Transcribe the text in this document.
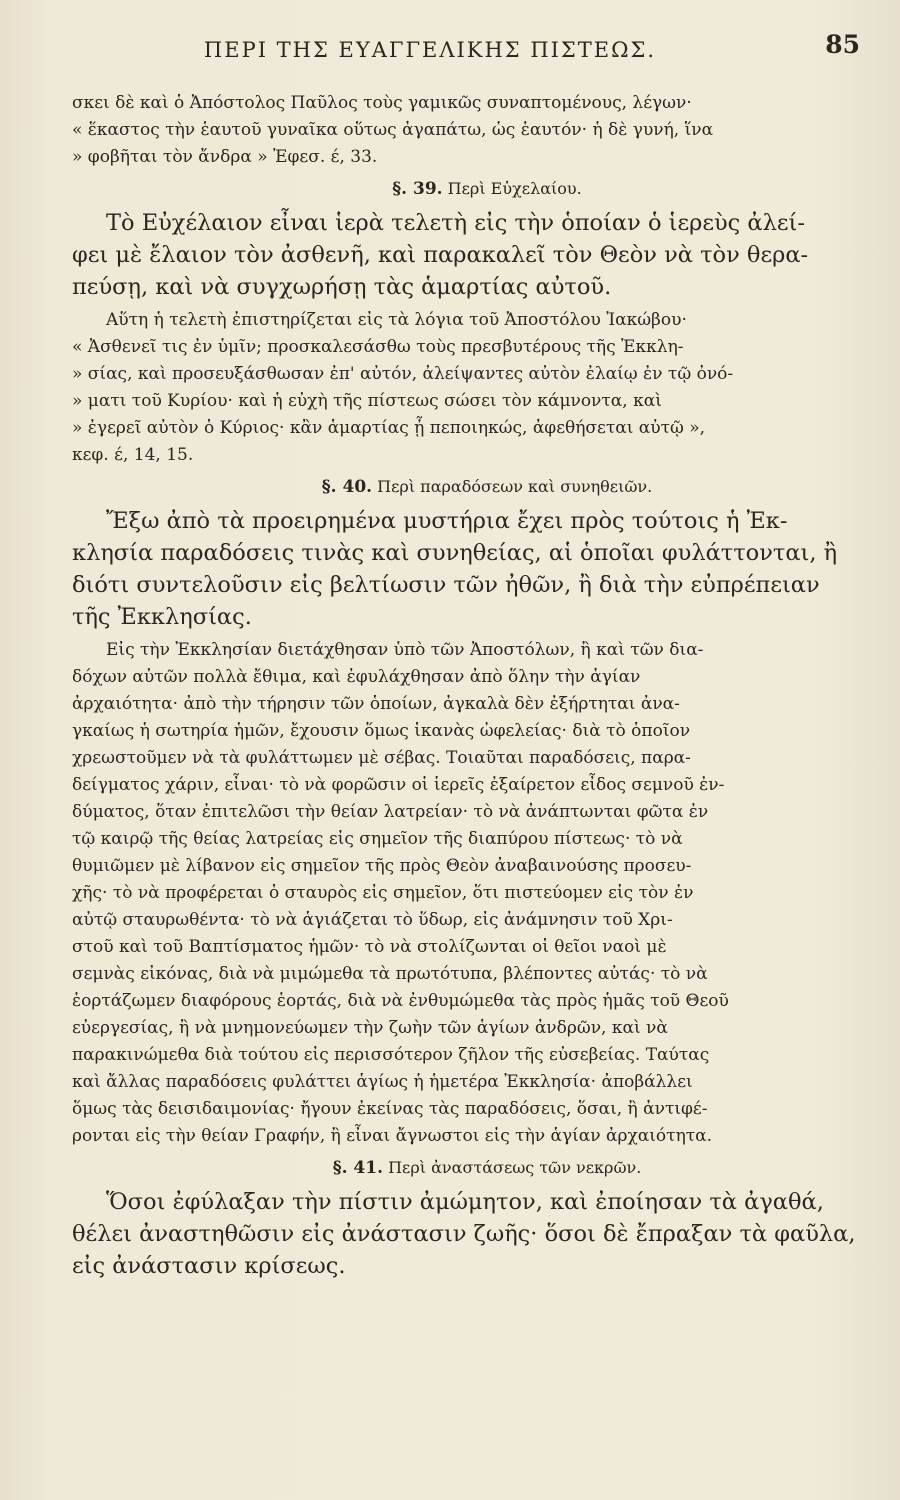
ΠΕΡΙ ΤΗΣ ΕΥΑΓΓΕΛΙΚΗΣ ΠΙΣΤΕΩΣ.	85
σκει δὲ καὶ ὁ Ἀπόστολος Παῦλος τοὺς γαμικῶς συναπτομένους, λέγων·
« ἕκαστος τὴν ἑαυτοῦ γυναῖκα οὕτως ἀγαπάτω, ὡς ἑαυτόν· ἡ δὲ γυνή, ἵνα
» φοβῆται τὸν ἄνδρα » Ἐφεσ. έ, 33.
§. 39. Περὶ Εὐχελαίου.
Τὸ Εὐχέλαιον εἶναι ἱερὰ τελετὴ εἰς τὴν ὁποίαν ὁ ἱερεὺς ἀλεί-
φει μὲ ἔλαιον τὸν ἀσθενῆ, καὶ παρακαλεῖ τὸν Θεὸν νὰ τὸν θερα-
πεύσῃ, καὶ νὰ συγχωρήσῃ τὰς ἁμαρτίας αὐτοῦ.
Αὕτη ἡ τελετὴ ἐπιστηρίζεται εἰς τὰ λόγια τοῦ Ἀποστόλου Ἰακώβου·
« Ἀσθενεῖ τις ἐν ὑμῖν; προσκαλεσάσθω τοὺς πρεσβυτέρους τῆς Ἐκκλη-
» σίας, καὶ προσευξάσθωσαν ἐπ' αὐτόν, ἀλείψαντες αὐτὸν ἐλαίῳ ἐν τῷ ὀνό-
» ματι τοῦ Κυρίου· καὶ ἡ εὐχὴ τῆς πίστεως σώσει τὸν κάμνοντα, καὶ
» ἐγερεῖ αὐτὸν ὁ Κύριος· κἂν ἁμαρτίας ᾖ πεποιηκώς, ἀφεθήσεται αὐτῷ »,
κεφ. έ, 14, 15.
§. 40. Περὶ παραδόσεων καὶ συνηθειῶν.
Ἔξω ἀπὸ τὰ προειρημένα μυστήρια ἔχει πρὸς τούτοις ἡ Ἐκ-
κλησία παραδόσεις τινὰς καὶ συνηθείας, αἱ ὁποῖαι φυλάττονται, ἢ
διότι συντελοῦσιν εἰς βελτίωσιν τῶν ἠθῶν, ἢ διὰ τὴν εὐπρέπειαν
τῆς Ἐκκλησίας.
Εἰς τὴν Ἐκκλησίαν διετάχθησαν ὑπὸ τῶν Ἀποστόλων, ἢ καὶ τῶν δια-
δόχων αὐτῶν πολλὰ ἔθιμα, καὶ ἐφυλάχθησαν ἀπὸ ὅλην τὴν ἁγίαν
ἀρχαιότητα· ἀπὸ τὴν τήρησιν τῶν ὁποίων, ἀγκαλὰ δὲν ἐξήρτηται ἀνα-
γκαίως ἡ σωτηρία ἡμῶν, ἔχουσιν ὅμως ἱκανὰς ὠφελείας· διὰ τὸ ὁποῖον
χρεωστοῦμεν νὰ τὰ φυλάττωμεν μὲ σέβας. Τοιαῦται παραδόσεις, παρα-
δείγματος χάριν, εἶναι· τὸ νὰ φορῶσιν οἱ ἱερεῖς ἐξαίρετον εἶδος σεμνοῦ ἐν-
δύματος, ὅταν ἐπιτελῶσι τὴν θείαν λατρείαν· τὸ νὰ ἀνάπτωνται φῶτα ἐν
τῷ καιρῷ τῆς θείας λατρείας εἰς σημεῖον τῆς διαπύρου πίστεως· τὸ νὰ
θυμιῶμεν μὲ λίβανον εἰς σημεῖον τῆς πρὸς Θεὸν ἀναβαινούσης προσευ-
χῆς· τὸ νὰ προφέρεται ὁ σταυρὸς εἰς σημεῖον, ὅτι πιστεύομεν εἰς τὸν ἐν
αὐτῷ σταυρωθέντα· τὸ νὰ ἁγιάζεται τὸ ὕδωρ, εἰς ἀνάμνησιν τοῦ Χρι-
στοῦ καὶ τοῦ Βαπτίσματος ἡμῶν· τὸ νὰ στολίζωνται οἱ θεῖοι ναοὶ μὲ
σεμνὰς εἰκόνας, διὰ νὰ μιμώμεθα τὰ πρωτότυπα, βλέποντες αὐτάς· τὸ νὰ
ἑορτάζωμεν διαφόρους ἑορτάς, διὰ νὰ ἐνθυμώμεθα τὰς πρὸς ἡμᾶς τοῦ Θεοῦ
εὐεργεσίας, ἢ νὰ μνημονεύωμεν τὴν ζωὴν τῶν ἁγίων ἀνδρῶν, καὶ νὰ
παρακινώμεθα διὰ τούτου εἰς περισσότερον ζῆλον τῆς εὐσεβείας. Ταύτας
καὶ ἄλλας παραδόσεις φυλάττει ἁγίως ἡ ἡμετέρα Ἐκκλησία· ἀποβάλλει
ὅμως τὰς δεισιδαιμονίας· ἤγουν ἐκείνας τὰς παραδόσεις, ὅσαι, ἢ ἀντιφέ-
ρονται εἰς τὴν θείαν Γραφήν, ἢ εἶναι ἄγνωστοι εἰς τὴν ἁγίαν ἀρχαιότητα.
§. 41. Περὶ ἀναστάσεως τῶν νεκρῶν.
Ὅσοι ἐφύλαξαν τὴν πίστιν ἀμώμητον, καὶ ἐποίησαν τὰ ἀγαθά,
θέλει ἀναστηθῶσιν εἰς ἀνάστασιν ζωῆς· ὅσοι δὲ ἔπραξαν τὰ φαῦλα,
εἰς ἀνάστασιν κρίσεως.
